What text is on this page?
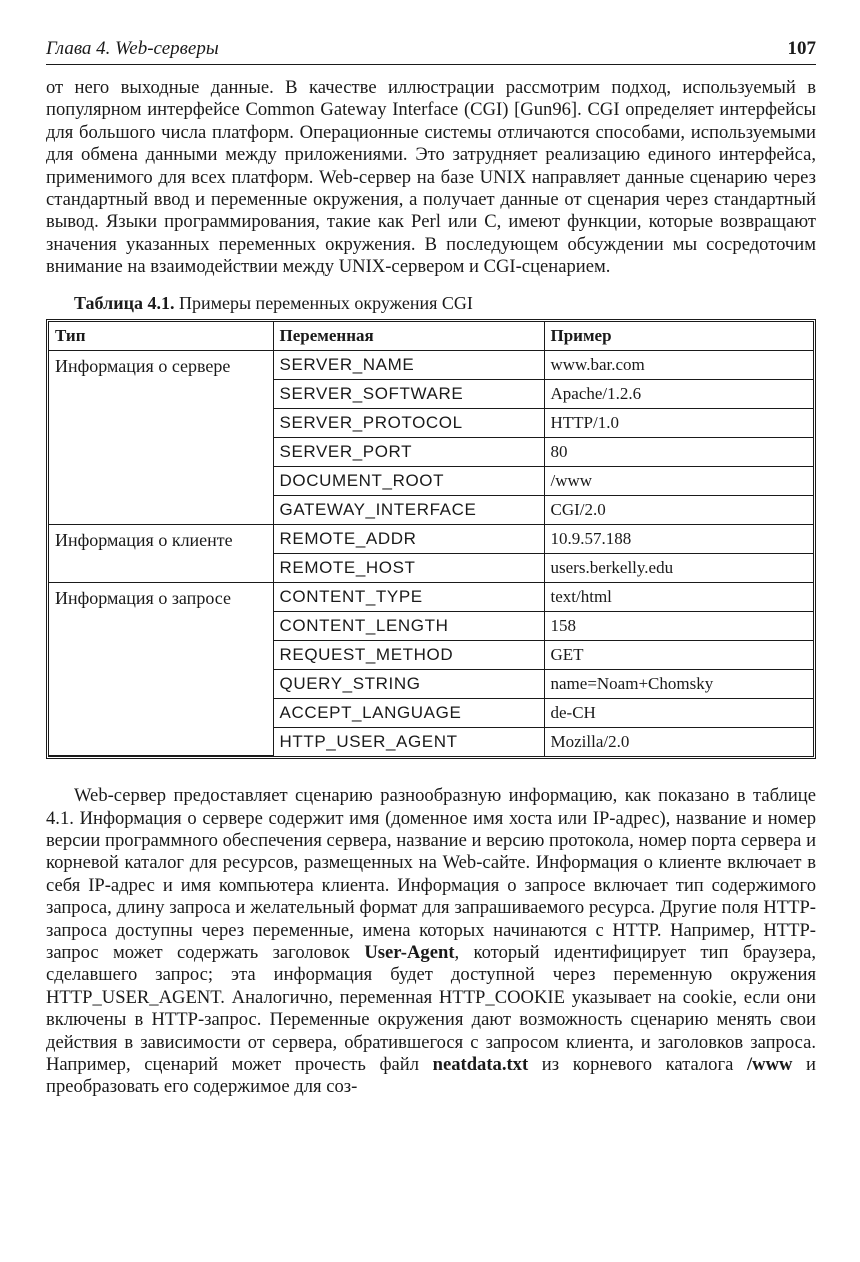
Глава 4. Web-серверы	107

от него выходные данные. В качестве иллюстрации рассмотрим подход, используемый в популярном интерфейсе Common Gateway Interface (CGI) [Gun96]. CGI определяет интерфейсы для большого числа платформ. Операционные системы отличаются способами, используемыми для обмена данными между приложениями. Это затрудняет реализацию единого интерфейса, применимого для всех платформ. Web-сервер на базе UNIX направляет данные сценарию через стандартный ввод и переменные окружения, а получает данные от сценария через стандартный вывод. Языки программирования, такие как Perl или C, имеют функции, которые возвращают значения указанных переменных окружения. В последующем обсуждении мы сосредоточим внимание на взаимодействии между UNIX-сервером и CGI-сценарием.

Таблица 4.1. Примеры переменных окружения CGI
Тип	Переменная	Пример
Информация о сервере	SERVER_NAME	www.bar.com
	SERVER_SOFTWARE	Apache/1.2.6
	SERVER_PROTOCOL	HTTP/1.0
	SERVER_PORT	80
	DOCUMENT_ROOT	/www
	GATEWAY_INTERFACE	CGI/2.0
Информация о клиенте	REMOTE_ADDR	10.9.57.188
	REMOTE_HOST	users.berkelly.edu
Информация о запросе	CONTENT_TYPE	text/html
	CONTENT_LENGTH	158
	REQUEST_METHOD	GET
	QUERY_STRING	name=Noam+Chomsky
	ACCEPT_LANGUAGE	de-CH
	HTTP_USER_AGENT	Mozilla/2.0

Web-сервер предоставляет сценарию разнообразную информацию, как показано в таблице 4.1. Информация о сервере содержит имя (доменное имя хоста или IP-адрес), название и номер версии программного обеспечения сервера, название и версию протокола, номер порта сервера и корневой каталог для ресурсов, размещенных на Web-сайте. Информация о клиенте включает в себя IP-адрес и имя компьютера клиента. Информация о запросе включает тип содержимого запроса, длину запроса и желательный формат для запрашиваемого ресурса. Другие поля HTTP-запроса доступны через переменные, имена которых начинаются с HTTP. Например, HTTP-запрос может содержать заголовок User-Agent, который идентифицирует тип браузера, сделавшего запрос; эта информация будет доступной через переменную окружения HTTP_USER_AGENT. Аналогично, переменная HTTP_COOKIE указывает на cookie, если они включены в HTTP-запрос. Переменные окружения дают возможность сценарию менять свои действия в зависимости от сервера, обратившегося с запросом клиента, и заголовков запроса. Например, сценарий может прочесть файл neatdata.txt из корневого каталога /www и преобразовать его содержимое для соз-
